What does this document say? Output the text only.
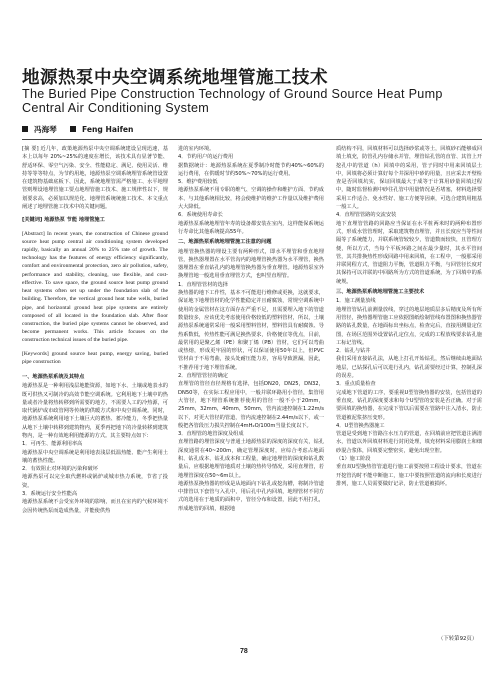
地源热泵中央空调系统地埋管施工技术
The Buried Pipe Construction Technology of Ground Source Heat Pump Central Air Conditioning System
冯海琴	Feng Haifen

[摘 要] 近几年，政策地源热泵中央空调系统建设呈现迅速，基本上以每年 20%~25%的速度在增长，该技术具有显著节能、舒适环保、零空气污染、安全、性能稳定、满足、使用灵活、维持等等等特点，为节约用地，地源热泵空调系统埋管系统管设置在建筑物基础底板下、因此，系统地埋管需严格施工、水平地埋管则埋设地埋管施工要点地埋管施工技术、施工规律性以下，规划要求高，必须加以规范化、地埋管系统统施工技术、本文重点阐述了地埋管施工技术中的关键问题。

[关键词] 地源热泵 节能 地埋管施工

[Abstract] In recent years, the construction of Chinese ground source heat pump central air conditioning system developed rapidly, basically an annual 20% to 25% rate of growth. The technology has the features of energy efficiency significantly, comfort and environmental protection, zero air pollution, safety, performance and stability, cleaning, use flexible, and cost-effective. To save space, the ground source heat pump ground heat systems often set up under the foundation slab of the building. Therefore, the vertical ground heat tube wells, buried pipe, and horizontal ground heat pipe systems are entirely composed of all located in the foundation slab. After floor construction, the buried pipe systems cannot be observed, and become permanent works. This article focuses on the construction technical issues of the buried pipe.

[Keywords] ground source heat pump, energy saving, buried pipe construction

一、地源热泵系统及其特点

地源热泵是一种利用浅层地能资源，如地下水、土壤或地表水的既可供热又可制冷的高效节能空调系统。它利用地下土壤中的热量或者冷量将热转移到所需要的地方，不需要人工的冷热源，可取代锅炉或市政管网等传统的供暖方式和中央空调系统。同时，地源热泵系统利用地下土壤巨大的蓄热、蓄冷能力，冬季把热量从地下土壤中转移到建筑物内，夏季再把地下的冷量转移到建筑物内，是一种有效地利用能源的方式。其主要特点如下：

1．可再生、能源利用率高

地源热泵中央空调系统是利用地表浅层低温热能、能产生利用土壤的蓄热性能。

2．有效阻止对环境的污染和破坏

地源热泵可以完全取代燃料或锅炉或城市热力系统，节省了投资。

3．系统运行安全性能高

地源热泵系统不会受室外环境的影响，而且在室内的气候环境不会因传统热泵而造成热量，并能使供热

进的室内环境。

4．节约用户的运行费用

据数据统计：地源热泵系统在夏季制冷时能节约40%~60%的运行费用，在供暖时节约50%~70%的运行费用。

5．维护费用较低

地源热泵系统不用专职的维气、空调的操作和维护方面、节约成本、与其他系统相比较，将会使维护的维护工作量以及维护费用大大降低。

6．系统使用寿命长

地源热泵系统地埋管年寿的设备都安装在室内，这样能保系统运行寿命比其他系统提高55年。

二、地源热泵系统地埋管施工注意的问题

地埋管换热器的埋设主要有两种形式，即水平埋管和垂直地埋管，换热器埋置在水平管沟内的地埋管换热器为水平埋管，换热器埋置在垂直钻孔内的地埋管换热器为垂直埋管。地源热泵室外换埋管地一般选用垂直埋管方式，也叫竖直埋管。

1．直埋管管材的选择

换热器的地下工作性，基本不可能进行维修或更换，这就要求，保证地下地埋管材的化学性能稳定并且耐腐蚀，常规空调系统中使用的金属管材在这方面存在严重不足，且需要埋入地下的管道数量较多，应该优先考虑使用价格较低的塑料管材，所以，土壤源热泵系统通常采用一般采用塑料管材，塑料管具有耐腐蚀、导热系数低，传热性能可满足换热要求，价格便宜等优点，目前，最常用的是聚乙烯（PE）和聚丁烯（PB）管材，它们可以弯曲或热熔，形成更牢固的形状，可以保证使用50年以上，但PVC管材由于不易弯曲，接头处耐压能力差，容易导致泄漏，因此，不推荐用于地下埋管系统。

2．直埋管管径的确定

直埋管的管径直径规格有选择，包括DN20，DN25，DN32，DN50等，在实际工程应用中，一般并联环路用小管径，集管用大管径，地下埋管系统推荐使用的管径一般不小于20mm，25mm，32mm，40mm，50mm，管内流速控制在1.22m/s以下，对更大管径的管道，管内流速控制在2.44m/s以下，或一般把各管段压力损失控制在4mH₂O/100m当量长度以下。

3．直埋管的地管深度及组成

直埋管路的埋管深度与普通土地源热泵的深度的深度有关，钻孔深度通常在40~200m，确定管埋深度时，应综合考虑占地面积、钻孔成本、钻孔成本和工程量，确定地埋管的深度和钻孔数量后，应根据地埋管地质对土壤的热传导情况，采用直埋管，若地埋管深度在50~6m以上。

地源热泵换热器的形成是从地面向下钻孔或挖沟槽，将制冷管道中排管以下套管与入孔中，用后孔中孔内回填，地埋管材不同方式的选用在于地质的面积中，管径分布和设置，因此不用打孔，形成地管的回填，根据地

质结构不同，回填材料可以选择砂浆或等土，回填砂石能够成回填土填充，防管孔内存储水并管，埋管钻孔管的直管、其管上开挖孔中的管道（h）回填中的采用，管子同时中用来回填层土中，回填将必须计算好每个井深用中砂的用量，且应采去开壁检查是否回填坑实，保证回填最大于成等于计算用砂量回填过程中，随时监督检测中砂往孔管中用量情况是否堵塞，材料选择要采用工作适合、免水性好、施工方便等因素，可选合建筑用粗基一般工人。

4．直埋管管路的交流安装

地下直埋管管路的回路应当保证在水平桩两米时的两种布置形式，形成水管管理时，采取建筑物直埋管，并且长度应当等性间隔等了系统能力，并联系统管较较少，管道数而较快，且管理方便，所以方式，当每个平板环路之间在最少量时，其水平管间管，其共排换热性形成回路中用来回填，在工程中，一般那采用并联同程方式，管道阻力平衡，管道阻力平衡，与回管径长度对其保持可以并联的中回路所为方式的管道系统，为了回填中的系统规。

三、地源热泵系统地埋管施工主要技术

1．施工测量放线

地埋管管钻孔前测量放线，穿过的地层地质层多后精度及所有所用管径，换热器埋管施工应依据图纸绘制管线布置图和换热器管路的钻孔数量，在地面标出坐标点，检查完后，直接用测量定位图，在场区范围外设置钻孔定位点，完成的工程放线要求钻孔施工标记管线。

2．钻孔与钻井

我们采用直接钻孔法，从地上打孔开始钻孔，然后继续由地面钻地层，已钻探孔后可以进行孔内，钻孔需要经过计算，控制孔深的误差。

3．重点质量检查

完成地下管道的工序，要重视U型管换热器的安装，包括管道的垂直度、钻孔的深度要求和每个U型管的安装是否正确。对于需要回填的换热器，在完成下管以后需要在管路中注入清水，防止管道被泥浆挤压变形。

4．U型管换热器施工

管道是受到地下管路注水压力的管道，在回填前应把管道注满清水，管道以外回填材料进行封闭处理，填充材料采用膨润土和细砂混合浆体，回填要完整密实，避免出现空腔。

（1）施工阶段

垂直双U型换热管管道进行施工前要按照工程设计要求，管道在开挖管沟时不能中断施工，施工中要按照管道的流向和长度进行排列，施工人员需要做好记录，防止管道被损坏。

（下转第92页）
78
